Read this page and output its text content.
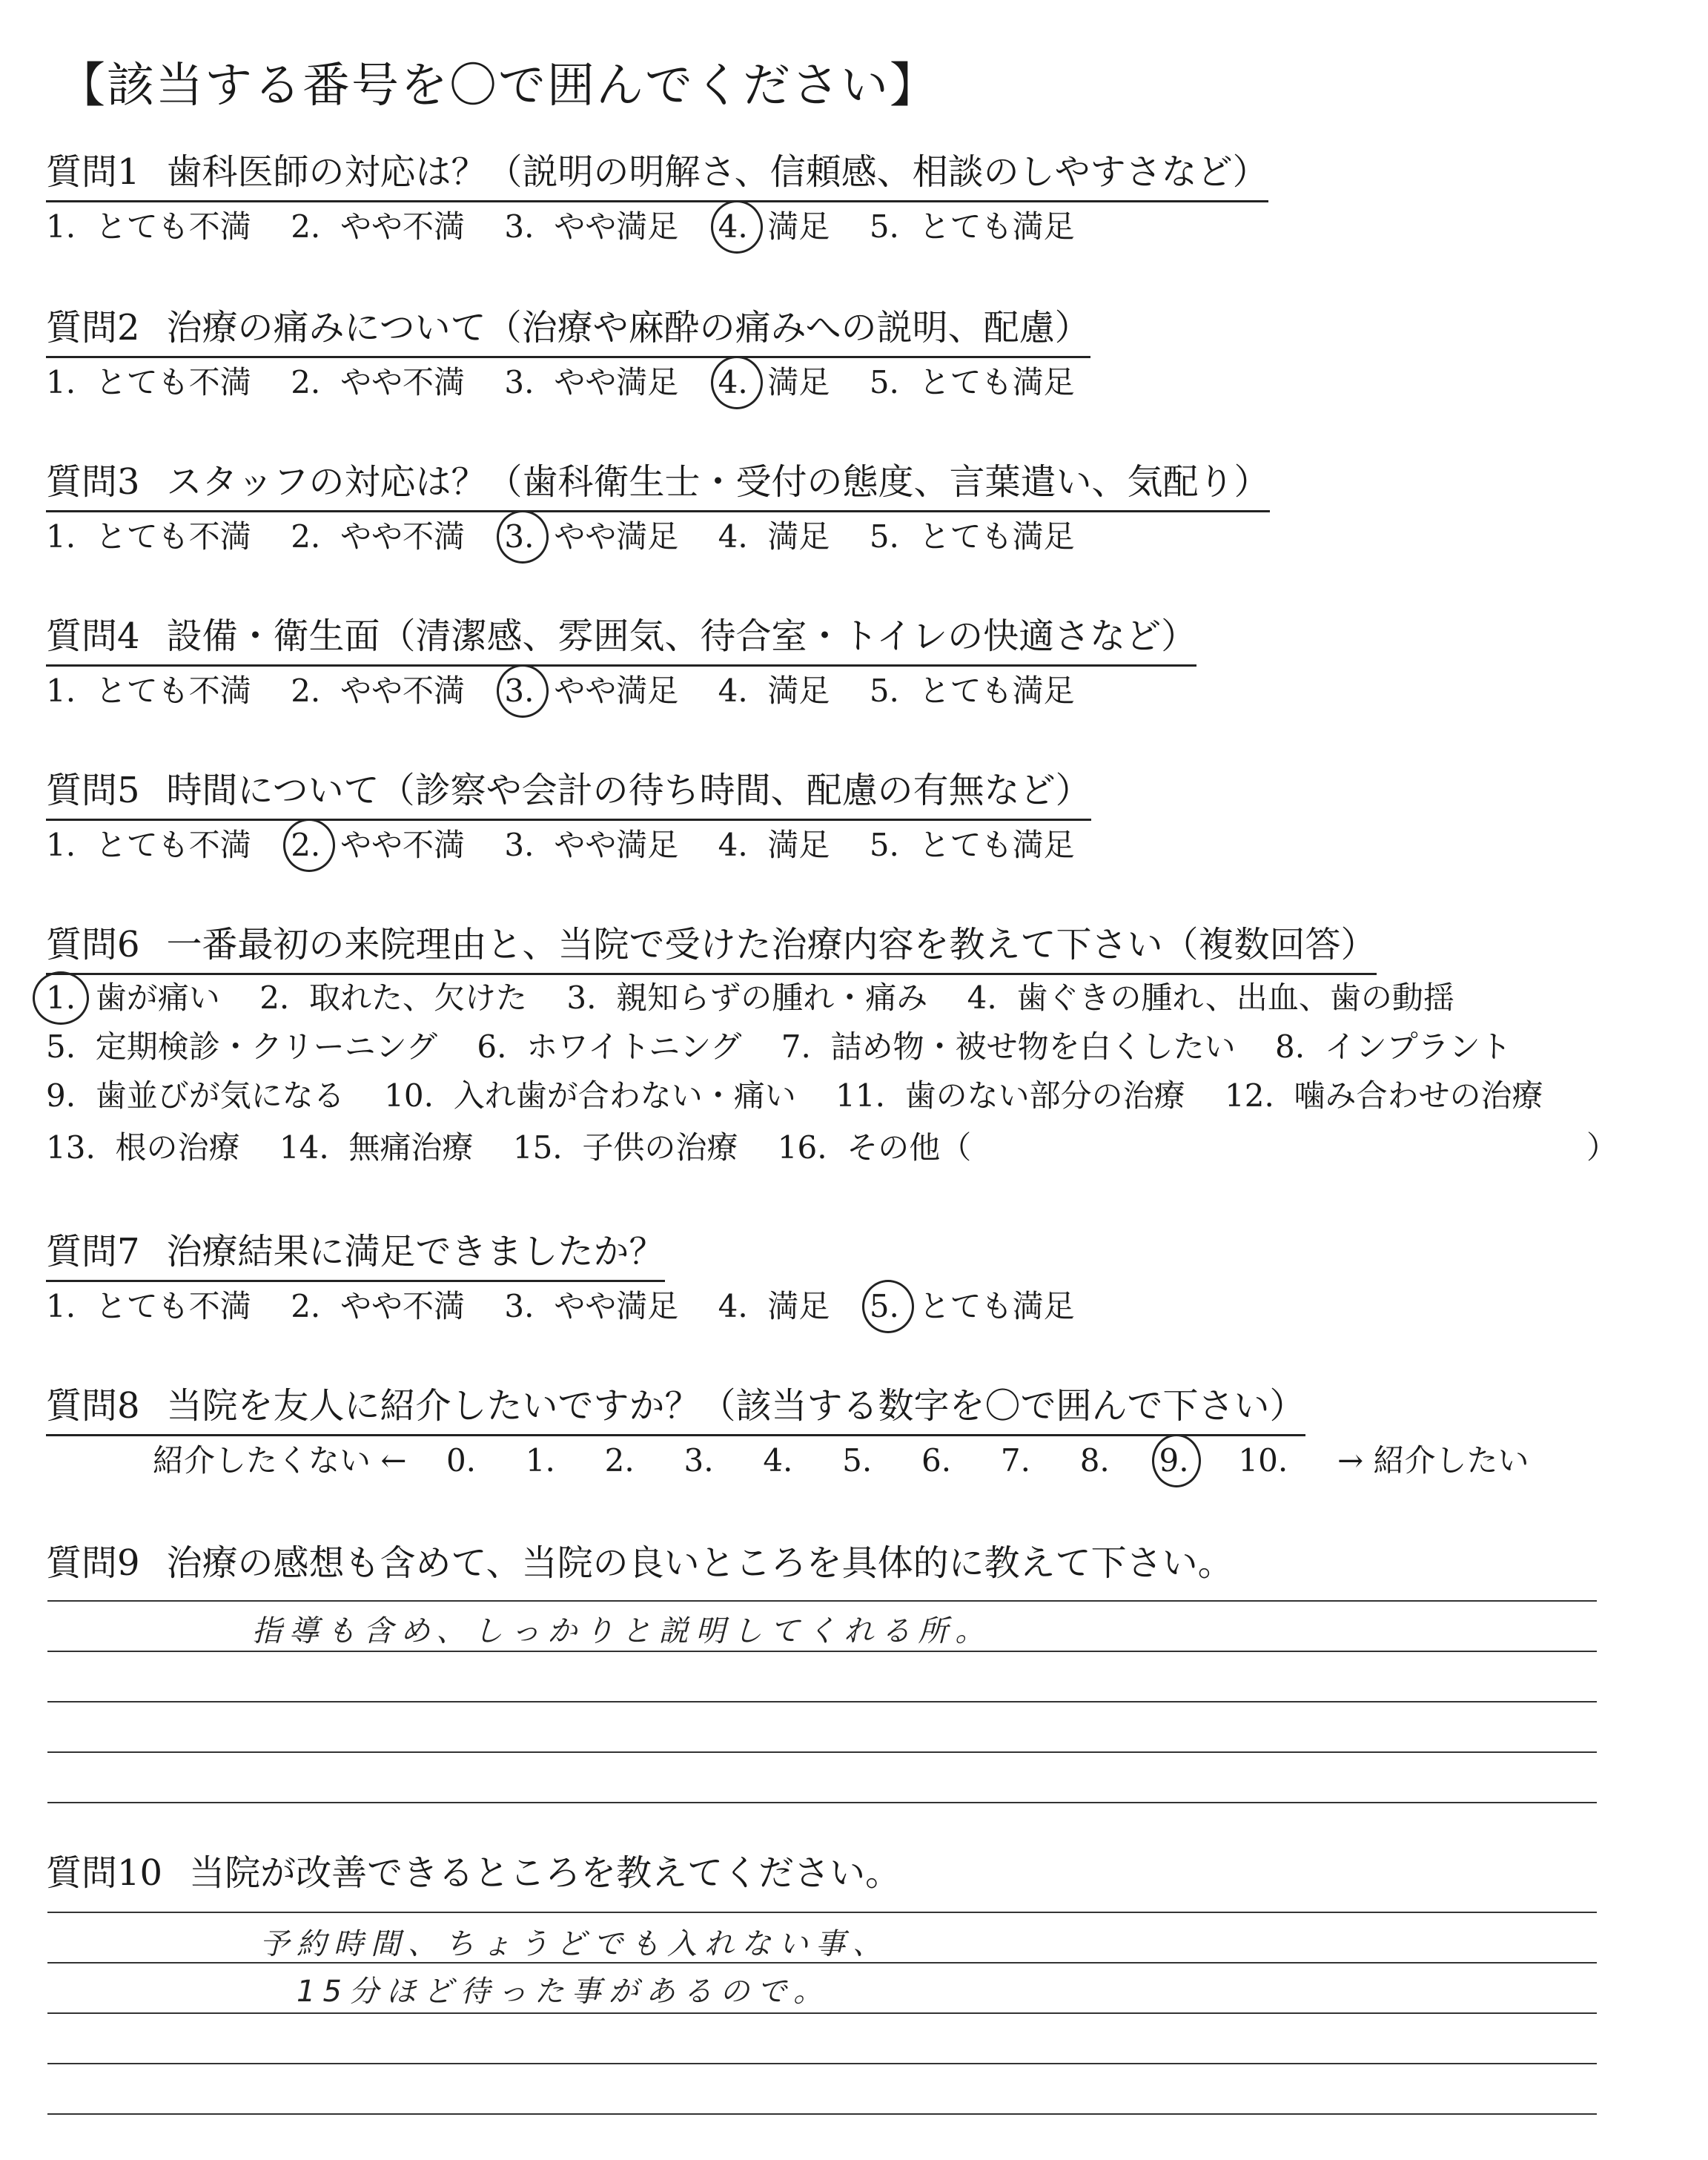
【該当する番号を〇で囲んでください】
質問1 歯科医師の対応は？（説明の明解さ、信頼感、相談のしやすさなど）
1. とても不満 2. やや不満 3. やや満足 4. 満足 5. とても満足
質問2 治療の痛みについて（治療や麻酔の痛みへの説明、配慮）
1. とても不満 2. やや不満 3. やや満足 4. 満足 5. とても満足
質問3 スタッフの対応は？（歯科衛生士・受付の態度、言葉遣い、気配り）
1. とても不満 2. やや不満 3. やや満足 4. 満足 5. とても満足
質問4 設備・衛生面（清潔感、雰囲気、待合室・トイレの快適さなど）
1. とても不満 2. やや不満 3. やや満足 4. 満足 5. とても満足
質問5 時間について（診察や会計の待ち時間、配慮の有無など）
1. とても不満 2. やや不満 3. やや満足 4. 満足 5. とても満足
質問6 一番最初の来院理由と、当院で受けた治療内容を教えて下さい（複数回答）
1. 歯が痛い 2. 取れた、欠けた 3. 親知らずの腫れ・痛み 4. 歯ぐきの腫れ、出血、歯の動揺
5. 定期検診・クリーニング 6. ホワイトニング 7. 詰め物・被せ物を白くしたい 8. インプラント
9. 歯並びが気になる 10. 入れ歯が合わない・痛い 11. 歯のない部分の治療 12. 噛み合わせの治療
13. 根の治療 14. 無痛治療 15. 子供の治療 16. その他（	）
質問7 治療結果に満足できましたか？
1. とても不満 2. やや不満 3. やや満足 4. 満足 5. とても満足
質問8 当院を友人に紹介したいですか？（該当する数字を〇で囲んで下さい）
紹介したくない ← 0. 1. 2. 3. 4. 5. 6. 7. 8. 9. 10. → 紹介したい
質問9 治療の感想も含めて、当院の良いところを具体的に教えて下さい。
指導も含め、しっかりと説明してくれる所。
質問10 当院が改善できるところを教えてください。
予約時間、ちょうどでも入れない事、
15分ほど待った事があるので。
